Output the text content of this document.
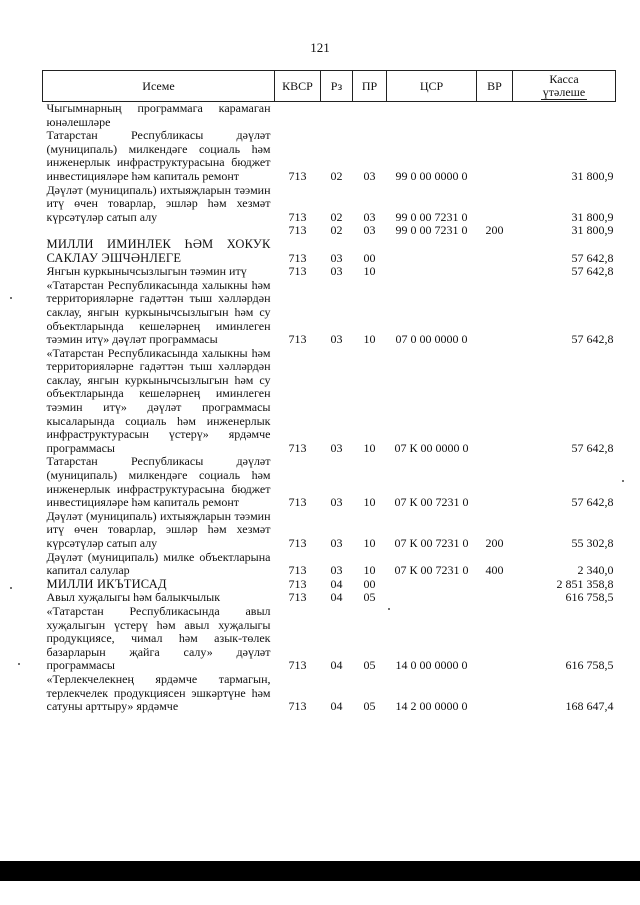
121
Исеме	КВСР	Рз	ПР	ЦСР	ВР	Касса
үтәлеше
Чыгымнарның программага карамаган юнәлешләре						
Татарстан Республикасы дәүләт (муниципаль) милкендәге социаль һәм инженерлык инфраструктурасына бюджет инвестицияләре һәм капиталь ремонт	713	02	03	99 0 00 0000 0		31 800,9
Дәүләт (муниципаль) ихтыяҗларын тәэмин итү өчен товарлар, эшләр һәм хезмәт күрсәтүләр сатып алу	713	02	03	99 0 00 7231 0		31 800,9
	713	02	03	99 0 00 7231 0	200	31 800,9
МИЛЛИ ИМИНЛЕК ҺӘМ ХОКУК САКЛАУ ЭШЧӘНЛЕГЕ	713	03	00			57 642,8
Янгын куркынычсызлыгын тәэмин итү	713	03	10			57 642,8
«Татарстан Республикасында халыкны һәм территорияләрне гадәттән тыш хәлләрдән саклау, янгын куркынычсызлыгын һәм су объектларында кешеләрнең иминлеген тәэмин итү» дәүләт программасы	713	03	10	07 0 00 0000 0		57 642,8
«Татарстан Республикасында халыкны һәм территорияләрне гадәттән тыш хәлләрдән саклау, янгын куркынычсызлыгын һәм су объектларында кешеләрнең иминлеген тәэмин итү» дәүләт программасы кысаларында социаль һәм инженерлык инфраструктурасын үстерү» ярдәмче программасы	713	03	10	07 К 00 0000 0		57 642,8
Татарстан Республикасы дәүләт (муниципаль) милкендәге социаль һәм инженерлык инфраструктурасына бюджет инвестицияләре һәм капиталь ремонт	713	03	10	07 К 00 7231 0		57 642,8
Дәүләт (муниципаль) ихтыяҗларын тәэмин итү өчен товарлар, эшләр һәм хезмәт күрсәтүләр сатып алу	713	03	10	07 К 00 7231 0	200	55 302,8
Дәүләт (муниципаль) милке объектларына капитал салулар	713	03	10	07 К 00 7231 0	400	2 340,0
МИЛЛИ ИКЪТИСАД	713	04	00			2 851 358,8
Авыл хуҗалыгы һәм балыкчылык	713	04	05			616 758,5
«Татарстан Республикасында авыл хуҗалыгын үстерү һәм авыл хуҗалыгы продукциясе, чимал һәм азык-төлек базарларын җайга салу» дәүләт программасы	713	04	05	14 0 00 0000 0		616 758,5
«Терлекчелекнең ярдәмче тармагын, терлекчелек продукциясен эшкәртүне һәм сатуны арттыру» ярдәмче	713	04	05	14 2 00 0000 0		168 647,4
